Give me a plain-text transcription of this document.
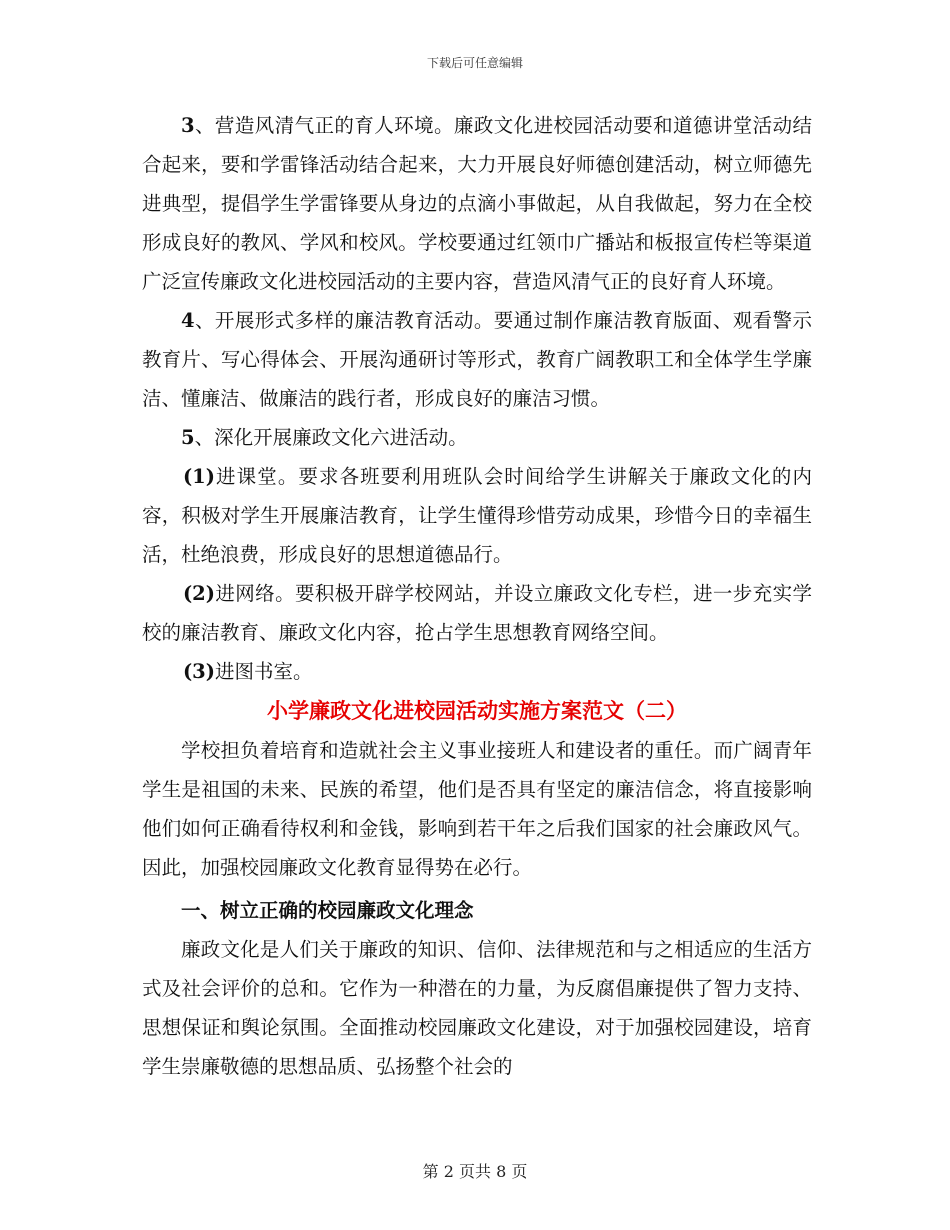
下载后可任意编辑

3、营造风清气正的育人环境。廉政文化进校园活动要和道德讲堂活动结合起来，要和学雷锋活动结合起来，大力开展良好师德创建活动，树立师德先进典型，提倡学生学雷锋要从身边的点滴小事做起，从自我做起，努力在全校形成良好的教风、学风和校风。学校要通过红领巾广播站和板报宣传栏等渠道广泛宣传廉政文化进校园活动的主要内容，营造风清气正的良好育人环境。

4、开展形式多样的廉洁教育活动。要通过制作廉洁教育版面、观看警示教育片、写心得体会、开展沟通研讨等形式，教育广阔教职工和全体学生学廉洁、懂廉洁、做廉洁的践行者，形成良好的廉洁习惯。

5、深化开展廉政文化六进活动。

(1)进课堂。要求各班要利用班队会时间给学生讲解关于廉政文化的内容，积极对学生开展廉洁教育，让学生懂得珍惜劳动成果，珍惜今日的幸福生活，杜绝浪费，形成良好的思想道德品行。

(2)进网络。要积极开辟学校网站，并设立廉政文化专栏，进一步充实学校的廉洁教育、廉政文化内容，抢占学生思想教育网络空间。

(3)进图书室。

小学廉政文化进校园活动实施方案范文（二）

学校担负着培育和造就社会主义事业接班人和建设者的重任。而广阔青年学生是祖国的未来、民族的希望，他们是否具有坚定的廉洁信念，将直接影响他们如何正确看待权利和金钱，影响到若干年之后我们国家的社会廉政风气。因此，加强校园廉政文化教育显得势在必行。

一、树立正确的校园廉政文化理念

廉政文化是人们关于廉政的知识、信仰、法律规范和与之相适应的生活方式及社会评价的总和。它作为一种潜在的力量，为反腐倡廉提供了智力支持、思想保证和舆论氛围。全面推动校园廉政文化建设，对于加强校园建设，培育学生崇廉敬德的思想品质、弘扬整个社会的

第 2 页共 8 页
